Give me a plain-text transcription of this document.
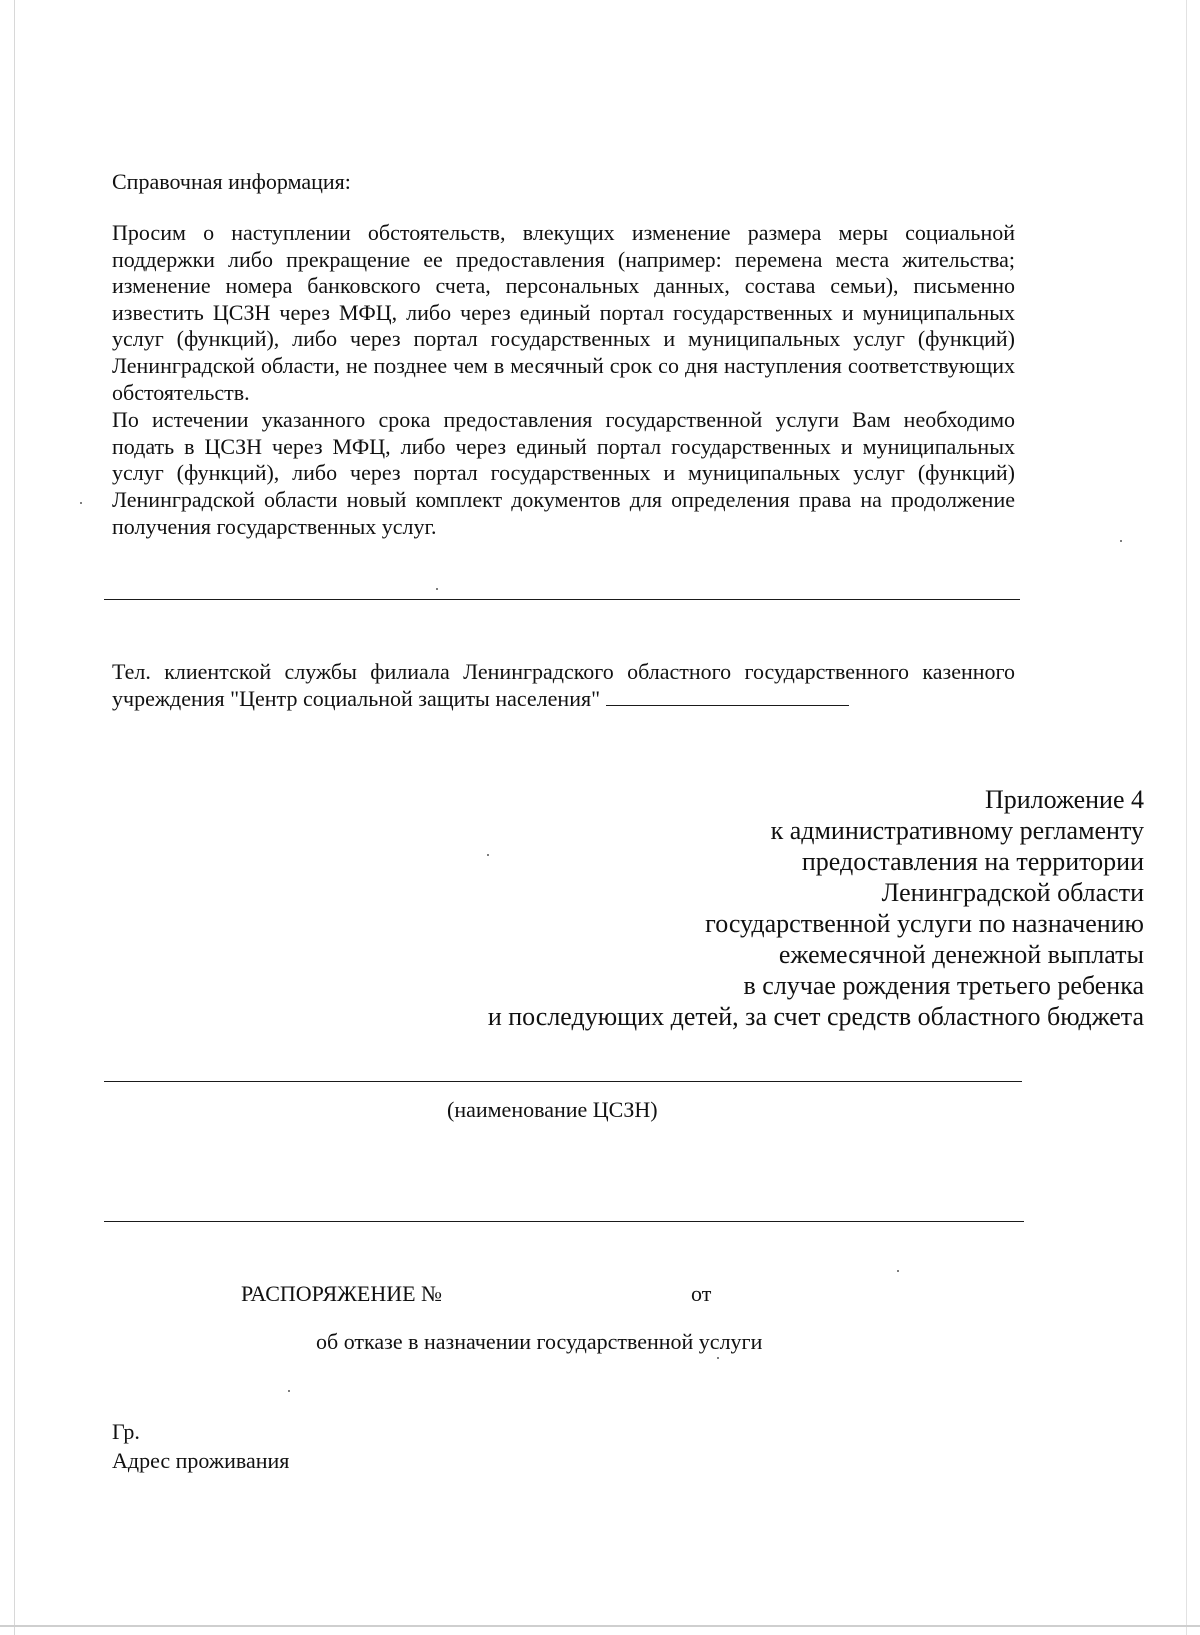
Справочная информация:
Просим о наступлении обстоятельств, влекущих изменение размера меры социальной поддержки либо прекращение ее предоставления (например: перемена места жительства; изменение номера банковского счета, персональных данных, состава семьи), письменно известить ЦСЗН через МФЦ, либо через единый портал государственных и муниципальных услуг (функций), либо через портал государственных и муниципальных услуг (функций) Ленинградской области, не позднее чем в месячный срок со дня наступления соответствующих обстоятельств.
По истечении указанного срока предоставления государственной услуги Вам необходимо подать в ЦСЗН через МФЦ, либо через единый портал государственных и муниципальных услуг (функций), либо через портал государственных и муниципальных услуг (функций) Ленинградской области новый комплект документов для определения права на продолжение получения государственных услуг.
Тел. клиентской службы филиала Ленинградского областного государственного казенного учреждения "Центр социальной защиты населения"
Приложение 4
к административному регламенту
предоставления на территории
Ленинградской области
государственной услуги по назначению
ежемесячной денежной выплаты
в случае рождения третьего ребенка
и последующих детей, за счет средств областного бюджета
(наименование ЦСЗН)
РАСПОРЯЖЕНИЕ №	от
об отказе в назначении государственной услуги
Гр.
Адрес проживания
